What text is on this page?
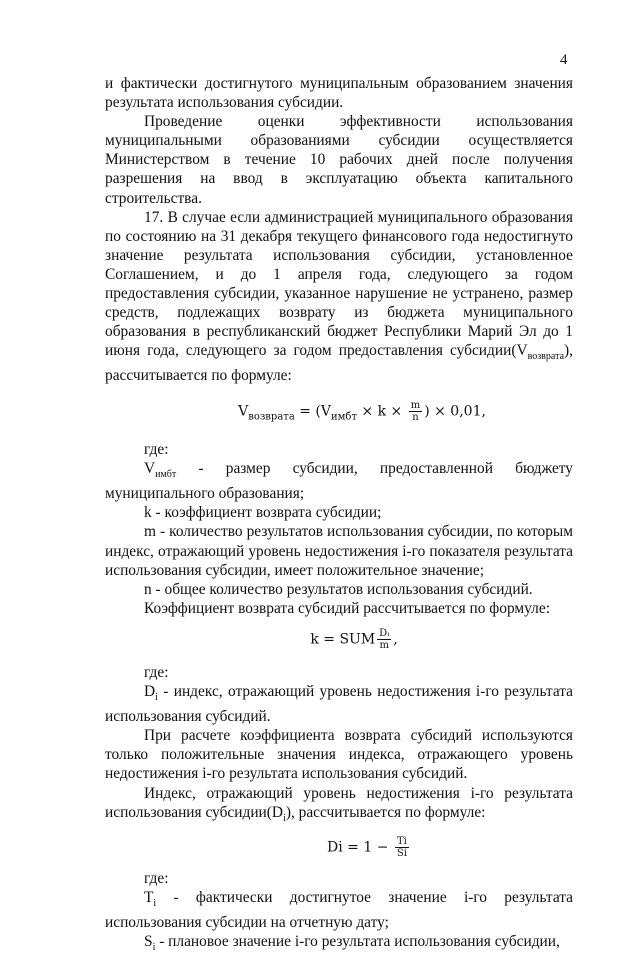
4

и фактически достигнутого муниципальным образованием значения результата использования субсидии.

Проведение оценки эффективности использования муниципальными образованиями субсидии осуществляется Министерством в течение 10 рабочих дней после получения разрешения на ввод в эксплуатацию объекта капитального строительства.

17. В случае если администрацией муниципального образования по состоянию на 31 декабря текущего финансового года недостигнуто значение результата использования субсидии, установленное Соглашением, и до 1 апреля года, следующего за годом предоставления субсидии, указанное нарушение не устранено, размер средств, подлежащих возврату из бюджета муниципального образования в республиканский бюджет Республики Марий Эл до 1 июня года, следующего за годом предоставления $субсидии(V_{возврата})$, рассчитывается по формуле:

$V_{возврата} = (V_{имбт} \times k \times \frac{m}{n}$ ) × 0,01,

где:

$V_{имбт}$ - размер субсидии, предоставленной бюджету муниципального образования;

k - коэффициент возврата субсидии;

m - количество результатов использования субсидии, по которым индекс, отражающий уровень недостижения i-го показателя результата использования субсидии, имеет положительное значение;

n - общее количество результатов использования субсидий.

Коэффициент возврата субсидий рассчитывается по формуле:

k = SUM $\frac{\text{Dᵢ}}{m}$ ,

где:

$D_i$ - индекс, отражающий уровень недостижения i-го результата использования субсидий.

При расчете коэффициента возврата субсидий используются только положительные значения индекса, отражающего уровень недостижения i-го результата использования субсидий.

Индекс, отражающий уровень недостижения i-го результата использования $субсидии(D_i)$, рассчитывается по формуле:

$Di = 1 - \frac{Ti}{Si}$

где:

$T_i$ - фактически достигнутое значение i-го результата использования субсидии на отчетную дату;

$S_i$ - плановое значение i-го результата использования субсидии,
